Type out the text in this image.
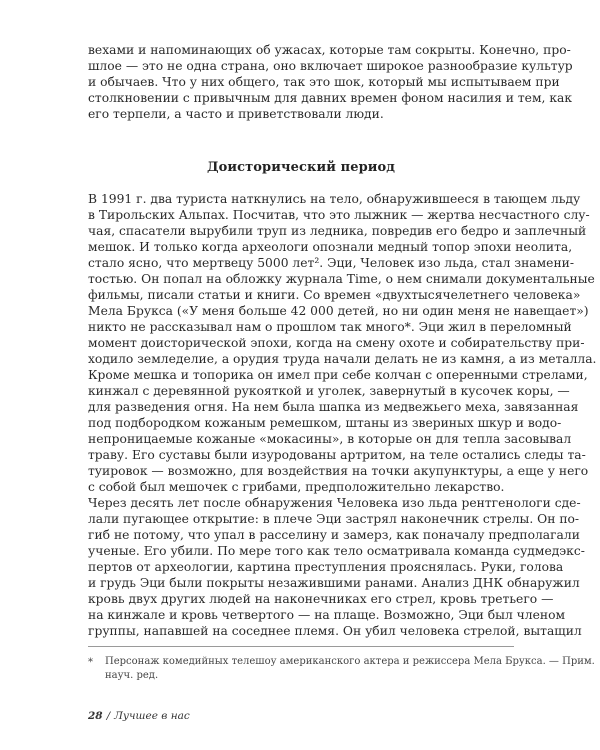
вехами и напоминающих об ужасах, которые там сокрыты. Конечно, про-
шлое — это не одна страна, оно включает широкое разнообразие культур
и обычаев. Что у них общего, так это шок, который мы испытываем при
столкновении с привычным для давних времен фоном насилия и тем, как
его терпели, а часто и приветствовали люди.
Доисторический период
В 1991 г. два туриста наткнулись на тело, обнаружившееся в тающем льду
в Тирольских Альпах. Посчитав, что это лыжник — жертва несчастного слу-
чая, спасатели вырубили труп из ледника, повредив его бедро и заплечный
мешок. И только когда археологи опознали медный топор эпохи неолита,
стало ясно, что мертвецу 5000 лет². Эци, Человек изо льда, стал знамени-
тостью. Он попал на обложку журнала Time, о нем снимали документальные
фильмы, писали статьи и книги. Со времен «двухтысячелетнего человека»
Мела Брукса («У меня больше 42 000 детей, но ни один меня не навещает»)
никто не рассказывал нам о прошлом так много*. Эци жил в переломный
момент доисторической эпохи, когда на смену охоте и собирательству при-
ходило земледелие, а орудия труда начали делать не из камня, а из металла.
Кроме мешка и топорика он имел при себе колчан с оперенными стрелами,
кинжал с деревянной рукояткой и уголек, завернутый в кусочек коры, —
для разведения огня. На нем была шапка из медвежьего меха, завязанная
под подбородком кожаным ремешком, штаны из звериных шкур и водо-
непроницаемые кожаные «мокасины», в которые он для тепла засовывал
траву. Его суставы были изуродованы артритом, на теле остались следы та-
туировок — возможно, для воздействия на точки акупунктуры, а еще у него
с собой был мешочек с грибами, предположительно лекарство.
Через десять лет после обнаружения Человека изо льда рентгенологи сде-
лали пугающее открытие: в плече Эци застрял наконечник стрелы. Он по-
гиб не потому, что упал в расселину и замерз, как поначалу предполагали
ученые. Его убили. По мере того как тело осматривала команда судмедэкс-
пертов от археологии, картина преступления прояснялась. Руки, голова
и грудь Эци были покрыты незажившими ранами. Анализ ДНК обнаружил
кровь двух других людей на наконечниках его стрел, кровь третьего —
на кинжале и кровь четвертого — на плаще. Возможно, Эци был членом
группы, напавшей на соседнее племя. Он убил человека стрелой, вытащил
* Персонаж комедийных телешоу американского актера и режиссера Мела Брукса. — Прим.
науч. ред.
28 / Лучшее в нас
